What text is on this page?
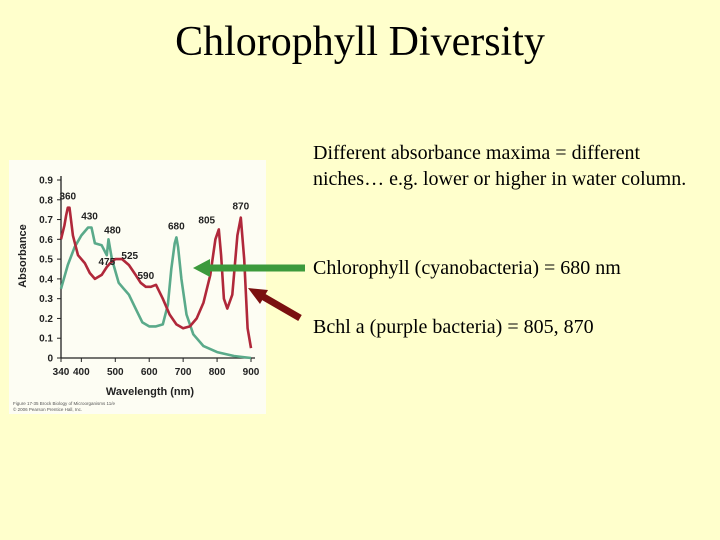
Chlorophyll Diversity
Different absorbance maxima = different niches… e.g. lower or higher in water column.
Chlorophyll (cyanobacteria) = 680 nm
Bchl a (purple bacteria) = 805, 870
0
0.1
0.2
0.3
0.4
0.5
0.6
0.7
0.8
0.9
340 400 500 600 700 800 900
360
430
480
475
525
590
680
805
870
Wavelength (nm)
Absorbance
Figure 17-35 Brock Biology of Microorganisms 11/e
© 2006 Pearson Prentice Hall, Inc.
